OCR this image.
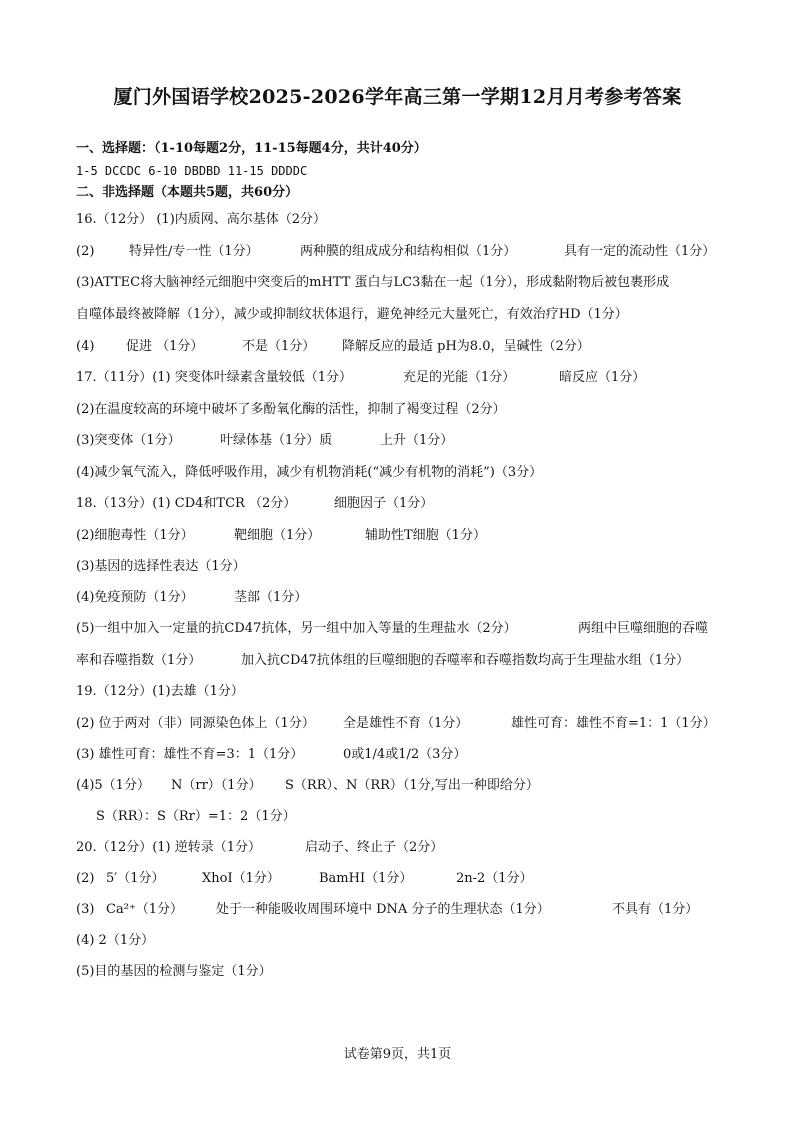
厦门外国语学校2025-2026学年高三第一学期12月月考参考答案
一、选择题：（1-10每题2分，11-15每题4分，共计40分）
1-5 DCCDC 6-10 DBDBD 11-15 DDDDC
二、非选择题（本题共5题，共60分）
16.（12分） (1)内质网、高尔基体（2分）
(2)	特异性/专一性（1分）	两种膜的组成成分和结构相似（1分）	具有一定的流动性（1分）
(3)ATTEC将大脑神经元细胞中突变后的mHTT 蛋白与LC3黏在一起（1分），形成黏附物后被包裹形成
自噬体最终被降解（1分），减少或抑制纹状体退行，避免神经元大量死亡，有效治疗HD（1分）
(4) 促进 （1分）	不是（1分） 降解反应的最适 pH为8.0，呈碱性（2分）
17.（11分）(1) 突变体叶绿素含量较低（1分）	充足的光能（1分）	暗反应（1分）
(2)在温度较高的环境中破坏了多酚氧化酶的活性，抑制了褐变过程（2分）
(3)突变体（1分）	叶绿体基（1分）质	上升（1分）
(4)减少氧气流入，降低呼吸作用，减少有机物消耗(“减少有机物的消耗”)（3分）
18.（13分）(1) CD4和TCR （2分）	细胞因子（1分）
(2)细胞毒性（1分）	靶细胞（1分）	辅助性T细胞（1分）
(3)基因的选择性表达（1分）
(4)免疫预防（1分）	茎部（1分）
(5)一组中加入一定量的抗CD47抗体，另一组中加入等量的生理盐水（2分）	两组中巨噬细胞的吞噬
率和吞噬指数（1分）	加入抗CD47抗体组的巨噬细胞的吞噬率和吞噬指数均高于生理盐水组（1分）
19.（12分）(1)去雄（1分）
(2) 位于两对（非）同源染色体上（1分） 全是雄性不育（1分）	雄性可育：雄性不育=1：1（1分）
(3) 雄性可育：雄性不育=3：1（1分）	0或1/4或1/2（3分）
(4)5（1分） N（rr）（1分） S（RR）、N（RR）（1分,写出一种即给分）
S（RR）：S（Rr）=1：2（1分）
20.（12分）(1) 逆转录（1分）	启动子、终止子（2分）
(2) 5′（1分）	XhoI（1分）	BamHⅠ（1分）	2n-2（1分）
(3) Ca²⁺（1分）	处于一种能吸收周围环境中 DNA 分子的生理状态（1分）	不具有（1分）
(4) 2（1分）
(5)目的基因的检测与鉴定（1分）
试卷第9页，共1页
